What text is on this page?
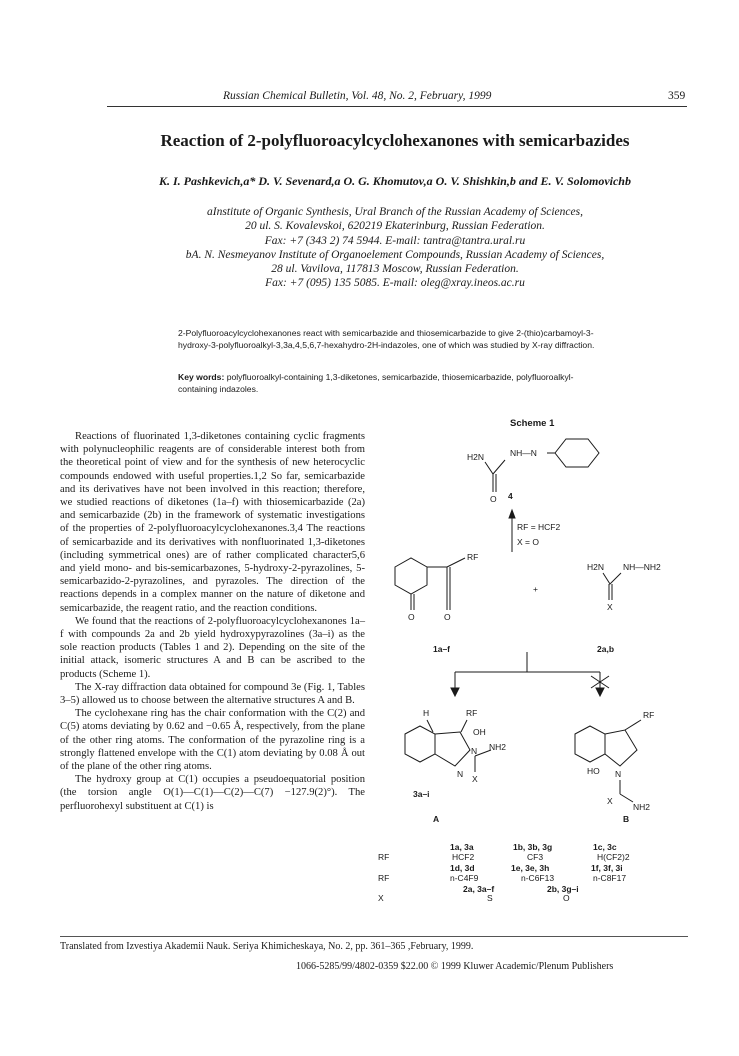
Russian Chemical Bulletin, Vol. 48, No. 2, February, 1999	359
Reaction of 2-polyfluoroacylcyclohexanones with semicarbazides
K. I. Pashkevich,a* D. V. Sevenard,a O. G. Khomutov,a O. V. Shishkin,b and E. V. Solomovichb
aInstitute of Organic Synthesis, Ural Branch of the Russian Academy of Sciences,
20 ul. S. Kovalevskoi, 620219 Ekaterinburg, Russian Federation.
Fax: +7 (343 2) 74 5944. E-mail: tantra@tantra.ural.ru
bA. N. Nesmeyanov Institute of Organoelement Compounds, Russian Academy of Sciences,
28 ul. Vavilova, 117813 Moscow, Russian Federation.
Fax: +7 (095) 135 5085. E-mail: oleg@xray.ineos.ac.ru
2-Polyfluoroacylcyclohexanones react with semicarbazide and thiosemicarbazide to give 2-(thio)carbamoyl-3-hydroxy-3-polyfluoroalkyl-3,3a,4,5,6,7-hexahydro-2H-indazoles, one of which was studied by X-ray diffraction.
Key words: polyfluoroalkyl-containing 1,3-diketones, semicarbazide, thiosemicarbazide, polyfluoroalkyl-containing indazoles.

Reactions of fluorinated 1,3-diketones containing cyclic fragments with polynucleophilic reagents are of considerable interest both from the theoretical point of view and for the synthesis of new heterocyclic compounds endowed with useful properties.1,2 So far, semicarbazide and its derivatives have not been involved in this reaction; therefore, we studied reactions of diketones (1a–f) with thiosemicarbazide (2a) and semicarbazide (2b) in the framework of systematic investigations of the properties of 2-polyfluoroacylcyclohexanones.3,4 The reactions of semicarbazide and its derivatives with nonfluorinated 1,3-diketones (including symmetrical ones) are of rather complicated character5,6 and yield mono- and bis-semicarbazones, 5-hydroxy-2-pyrazolines, 5-semicarbazido-2-pyrazolines, and pyrazoles. The direction of the reactions depends in a complex manner on the nature of diketone and semicarbazide, the reagent ratio, and the reaction conditions.

We found that the reactions of 2-polyfluoroacylcyclohexanones 1a–f with compounds 2a and 2b yield hydroxypyrazolines (3a–i) as the sole reaction products (Tables 1 and 2). Depending on the site of the initial attack, isomeric structures A and B can be ascribed to the products (Scheme 1).

The X-ray diffraction data obtained for compound 3e (Fig. 1, Tables 3–5) allowed us to choose between the alternative structures A and B.

The cyclohexane ring has the chair conformation with the C(2) and C(5) atoms deviating by 0.62 and −0.65 Å, respectively, from the plane of the other ring atoms. The conformation of the pyrazoline ring is a strongly flattened envelope with the C(1) atom deviating by 0.08 Å out of the plane of the other ring atoms.

The hydroxy group at C(1) occupies a pseudoequatorial position (the torsion angle O(1)—C(1)—C(2)—C(7) −127.9(2)°). The perfluorohexyl substituent at C(1) is

Scheme 1
H2N	NH—N
O 4
RF = HCF2
X = O
RF
O	O
1a–f
+
H2N NH—NH2
X
2a,b
H	RF
OH
N
N NH2
X
3a–i
A
RF
N
HO
X
NH2
B
1a, 3a	1b, 3b, 3g	1c, 3c
RF	HCF2	CF3	H(CF2)2
1d, 3d	1e, 3e, 3h	1f, 3f, 3i
RF	n-C4F9	n-C6F13	n-C8F17
2a, 3a–f	2b, 3g–i
X	S	O
Translated from Izvestiya Akademii Nauk. Seriya Khimicheskaya, No. 2, pp. 361–365 ,February, 1999.
1066-5285/99/4802-0359 $22.00 © 1999 Kluwer Academic/Plenum Publishers
